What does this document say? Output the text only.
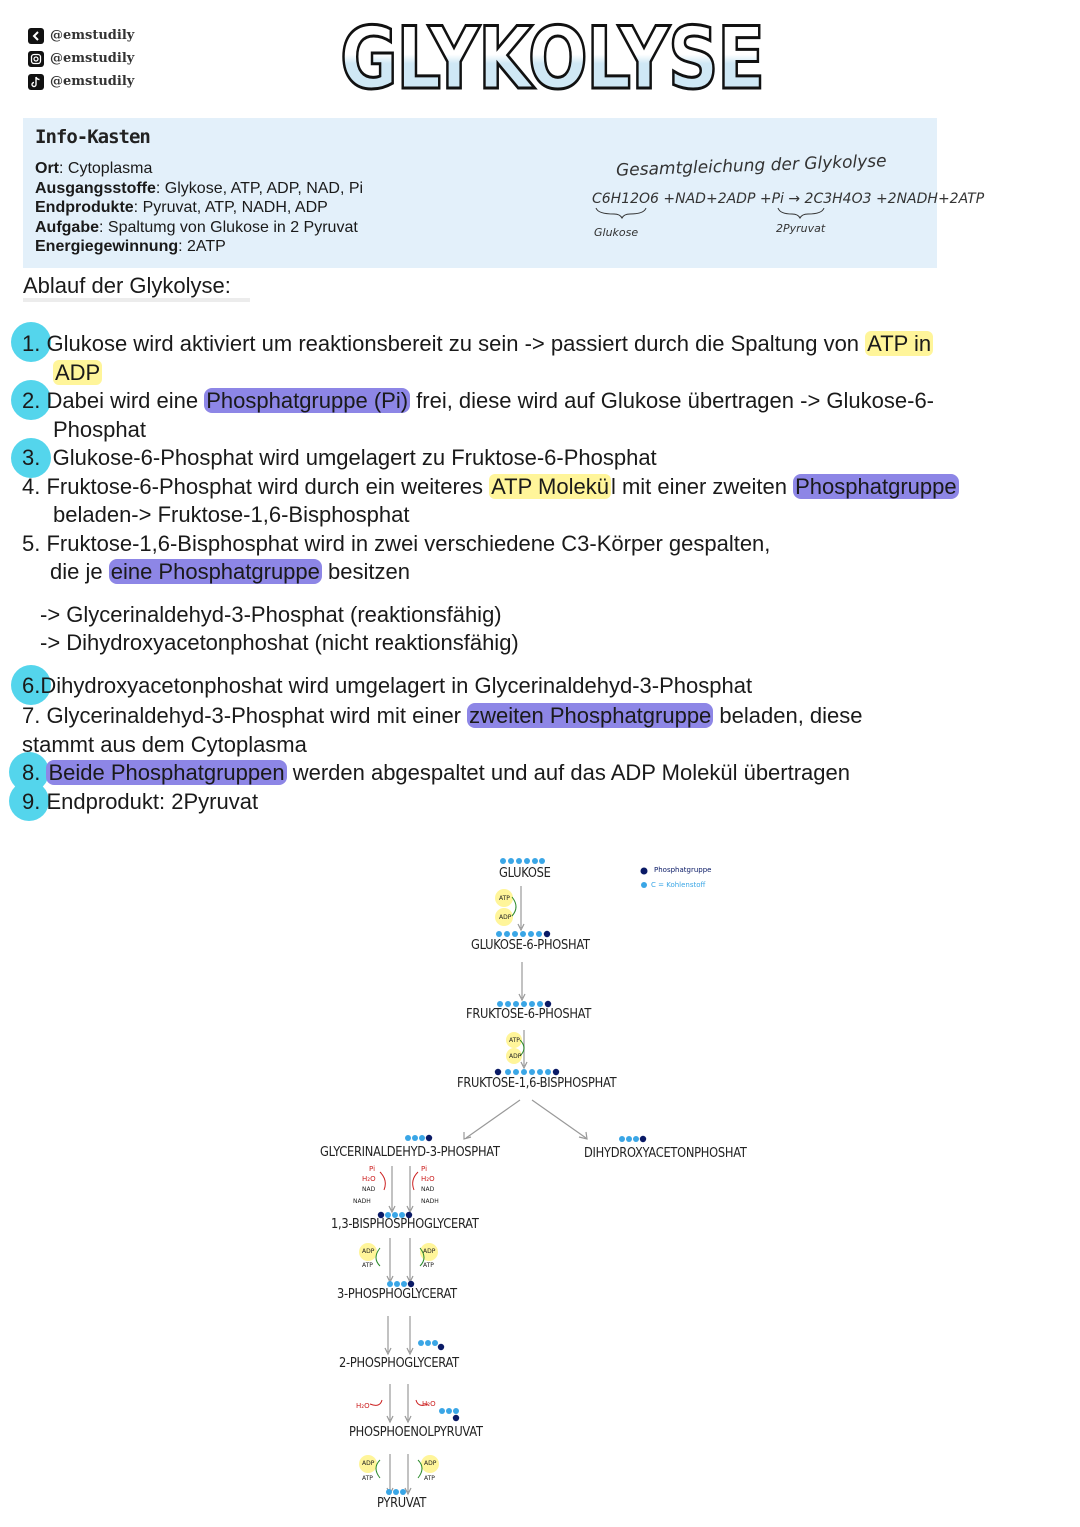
@emstudily
@emstudily
@emstudily GLYKOLYSE
Info-Kasten
Ort: Cytoplasma
Ausgangsstoffe: Glykose, ATP, ADP, NAD, Pi
Endprodukte: Pyruvat, ATP, NADH, ADP
Aufgabe: Spaltumg von Glukose in 2 Pyruvat
Energiegewinnung: 2ATP
Gesamtgleichung der Glykolyse
C6H12O6 +NAD+2ADP +Pi → 2C3H4O3 +2NADH+2ATP
Glukose	2Pyruvat
Ablauf der Glykolyse:
1. Glukose wird aktiviert um reaktionsbereit zu sein -> passiert durch die Spaltung von ATP in
ADP
2. Dabei wird eine Phosphatgruppe (Pi) frei, diese wird auf Glukose übertragen -> Glukose-6-
Phosphat
3. Glukose-6-Phosphat wird umgelagert zu Fruktose-6-Phosphat
4. Fruktose-6-Phosphat wird durch ein weiteres ATP Molekül mit einer zweiten Phosphatgruppe
beladen-> Fruktose-1,6-Bisphosphat
5. Fruktose-1,6-Bisphosphat wird in zwei verschiedene C3-Körper gespalten,
die je eine Phosphatgruppe besitzen
-> Glycerinaldehyd-3-Phosphat (reaktionsfähig)
-> Dihydroxyacetonphoshat (nicht reaktionsfähig)
6.Dihydroxyacetonphoshat wird umgelagert in Glycerinaldehyd-3-Phosphat
7. Glycerinaldehyd-3-Phosphat wird mit einer zweiten Phosphatgruppe beladen, diese
stammt aus dem Cytoplasma
8. Beide Phosphatgruppen werden abgespaltet und auf das ADP Molekül übertragen
9. Endprodukt: 2Pyruvat
Phosphatgruppe
C = Kohlenstoff
GLUKOSE
GLUKOSE-6-PHOSHAT
FRUKTOSE-6-PHOSHAT
FRUKTOSE-1,6-BISPHOSPHAT
GLYCERINALDEHYD-3-PHOSPHAT	DIHYDROXYACETONPHOSHAT
1,3-BISPHOSPHOGLYCERAT
3-PHOSPHOGLYCERAT
2-PHOSPHOGLYCERAT
PHOSPHOENOLPYRUVAT
PYRUVAT
ATP
ADP
ATP
ADP
Pi	Pi
H₂O	H₂O
NAD	NAD
NADH	NADH
ADP
ATP
ADP
ATP
H₂O	H₂O
ADP
ATP
ADP
ATP
